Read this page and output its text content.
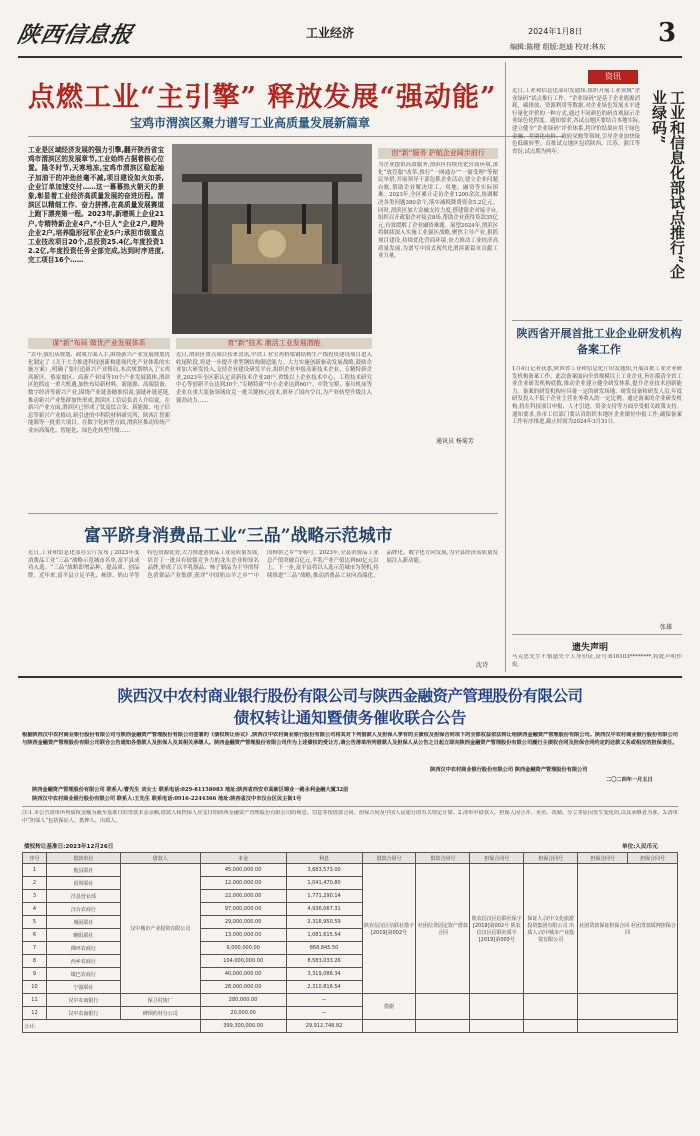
陕西信息报	工业经济	2024年1月8日	3
编辑:陈橙 组版:赵迪 校对:林东
点燃工业“主引擎” 释放发展“强动能”
宝鸡市渭滨区聚力谱写工业高质量发展新篇章
工业是区域经济发展的强力引擎,翻开陕西省宝鸡市渭滨区的发展章节,工业始终占据着核心位置。隆冬时节,天寒地冻,宝鸡市渭滨区稳起袖子加油干的冲劲丝毫不减,项目建设如火如荼,企业订单加速交付……这一幕幕热火朝天的景象,彰显着工业经济高质量发展的奋进历程。渭滨区以精细工作、奋力拼搏,在高质量发展赛道上跑下漂亮第一程。2023年,新增规上企业21户,专精特新企业4户,“小巨人”企业2户,瞪羚企业2户,培养隐形冠军企业5户;承担市级重点工业技改项目20个,总投资25.4亿,年度投资12.2亿,年度投资任务全部完成,达到时序进度,完工项目16个……
谋“新”布局 做优产业发展体系
“去年,我们从规划、政策方面入手,围绕新兴产业发展规划优化制定了《关于大力推进科技创新构建现代化产业体系的实施方案》,明确了要打造新兴产业格局,本次规划纳入了宝鸡高新区、蔡家坡区、高新产业园等10个产业发展载体,渭滨区抢抓这一重大机遇,加快布局新材料、新能源、高端装备、数字经济等新兴产业,围绕产业链条精准招商,强链补链延链,推动新兴产业集群加快形成,渭滨区工信局负责人介绍说。在新兴产业方面,渭滨区已形成了钛及钛合金、新能源、电子信息等新兴产业格局,新引进的中科院材料研究所、陕西汇智新能源等一批重大项目。在数字化转型方面,渭滨区推动传统产业向高端化、智能化、绿色化转型升级……
育“新”技术 激活工业发展潜能
近日,渭滨区重点项目传来喜讯,中铁工业宝鸡桥梁钢结构生产线投资建设项目进入收尾阶段,将进一步提升重型钢结构制造能力。大力实施创新驱动发展战略,鼓励企业加大研发投入,支持企业建设研发平台,组织企业申报高新技术企业、专精特新企业,2023年全区新认定高新技术企业28户,省级以上企业技术中心、工程技术研究中心等创新平台达到30个,“专精特新”中小企业达到60户。中铁宝桥、秦川机床等企业在重大装备领域攻克一批关键核心技术,填补了国内空白,为产业转型升级注入强劲动力……
创“新”服务 护航企业阔步前行
为企业提供高效服务,渭滨区持续优化营商环境,深化“放管服”改革,推行“一网通办”“一窗受理”等便民举措,开展领导干部包抓企业活动,建立企业问题台账,帮助企业解决用工、用地、融资等实际困难。2023年,全区累计走访企业1200余次,协调解决各类问题380余个,落实减税降费资金5.2亿元。同时,渭滨区加大金融支持力度,搭建银企对接平台,组织召开政银企对接会8场,帮助企业获得贷款35亿元,有效缓解了企业融资难题。展望2024年,渭滨区将继续深入实施工业强区战略,聚焦主导产业,狠抓项目建设,持续优化营商环境,奋力推动工业经济高质量发展,为谱写中国式现代化渭滨新篇章贡献工业力量。
通讯员 杨菊芳
富平跻身消费品工业“三品”战略示范城市
近日,工业和信息化部办公厅发布了2023年度消费品工业“三品”战略示范城市名单,富平县成功入选。“三品”战略即增品种、提品质、创品牌。近年来,富平县立足羊乳、柿饼、奶山羊等特色资源优势,大力推进消费品工业高质量发展,培育了一批具有较强竞争力的龙头企业和知名品牌,形成了以羊乳制品、柿子制品为主导的特色消费品产业集群,获评“中国奶山羊之乡”“中国柿饼之乡”等称号。2023年,全县消费品工业总产值突破百亿元,羊乳产业产值达到60亿元以上。下一步,富平县将以入选示范城市为契机,持续推进“三品”战略,推动消费品工业向高端化、品牌化、数字化方向发展,为全县经济高质量发展注入新动能。
沈诗
资讯
工业和信息化部试点推行“企业绿码”
近日,工业和信息化部印发通知,组织开展工业领域“企业绿码”试点推行工作。“企业绿码”是基于企业能源消耗、碳排放、资源利用等数据,对企业绿色发展水平进行量化评价的一种方式,通过不同颜色的码直观展示企业绿色化程度。通知要求,各试点地区要结合本地实际,建立健全“企业绿码”评价体系,将评价结果应用于绿色金融、差别化电价、政府采购等领域,引导企业加快绿色低碳转型。首批试点地区包括陕西、江苏、浙江等省份,试点期为两年。
陕西省开展首批工业企业研发机构备案工作
1月4日记者获悉,陕西省工业和信息化厅印发通知,开展首批工业企业研发机构备案工作。此次备案面向全省规模以上工业企业,旨在摸清全省工业企业研发机构底数,推动企业建立健全研发体系,提升企业技术创新能力。备案的研发机构应具备一定的研发场地、研发设备和研发人员,年度研发投入不低于企业主营业务收入的一定比例。通过备案的企业研发机构,将在科技项目申报、人才引进、资金支持等方面享受相关政策支持。通知要求,各市工信部门要认真组织本地区企业做好申报工作,确保备案工作有序推进,截止时间为2024年3月31日。
张雄
遗失声明
马克思先生不慎遗失个人身份证,证号:610103********,特此声明作废。
陕西汉中农村商业银行股份有限公司与陕西金融资产管理股份有限公司
债权转让通知暨债务催收联合公告
根据陕西汉中农村商业银行股份有限公司与陕西金融资产管理股份有限公司签署的《债权转让协议》,陕西汉中农村商业银行股份有限公司将其对下列借款人及担保人享有的主债权及担保合同项下的全部权益依法转让给陕西金融资产管理股份有限公司。陕西汉中农村商业银行股份有限公司与陕西金融资产管理股份有限公司联合公告通知各借款人及担保人及其相关承继人。陕西金融资产管理股份有限公司作为上述债权的受让方,请公告清单所列借款人及担保人从公告之日起立即向陕西金融资产管理股份有限公司履行主债权合同及担保合同约定的还款义务或相应的担保责任。
陕西汉中农村商业银行股份有限公司 陕西金融资产管理股份有限公司
二〇二四年一月五日
陕西金融资产管理股份有限公司 联系人:曹先生 刘女士 联系电话:029-81158083 地址:陕西省西安市高新区锦业一路永利金融大厦32层
陕西汉中农村商业银行股份有限公司 联系人:王先生 联系电话:0916-2244366 地址:陕西省汉中市汉台区民主街1号
注:1.本公告清单所列债权金额为截至基准日的贷款本金余额,借款人和担保人应支付给陕西金融资产管理股份有限公司的利息、罚息等按借款合同、担保合同及中国人民银行的有关规定计算。2.清单中借款人、担保人因合并、更名、改制、分立等原因发生变化的,以其承继者为准。3.清单中“担保人”包括保证人、抵押人、出质人。
债权转让基准日:2023年12月26日	单位:人民币元
序号	借款单位	借款人	本金	利息	借款合同号	借款合同号	担保合同号	担保合同号	担保合同号	担保合同号
1	勉县联社	汉中城市产业投资有限公司	45,000,000.00	3,683,573.00	陕农信汉区信联社借字[2019]第002号	社团信贷固定资产借款合同	陕农信汉区信联社保字[2019]第002号 陕农信汉区信联社质字[2019]第003号	保证人:汉中文化旅游投资集团有限公司 出质人:汉中城市产业投资有限公司	社团贷款保证担保合同 社团贷款质押担保合同	
2	留坝联社		12,000,000.00	1,041,470.80						
3	洋县营业部		22,000,000.00	1,771,290.14						
4	汉台农商行		97,000,000.00	4,936,067.31						
5	城固联社		29,000,000.00	2,316,950.59						
6	略阳联社		13,000,000.00	1,081,615.54						
7	佛坪农商行		9,000,000.00	868,845.50						
8	西乡农商行		104,000,000.00	8,583,033.26						
9	镇巴农商行		40,000,000.00	3,319,086.34						
10	宁强联社		28,000,000.00	2,310,816.54						
11	汉中农商银行	保卫村街厂	280,000.00	—	借据					
12	汉中农商银行	碑坝药材分公司	20,000.00	—						
合计:			399,300,000.00	29,912,748.82						
